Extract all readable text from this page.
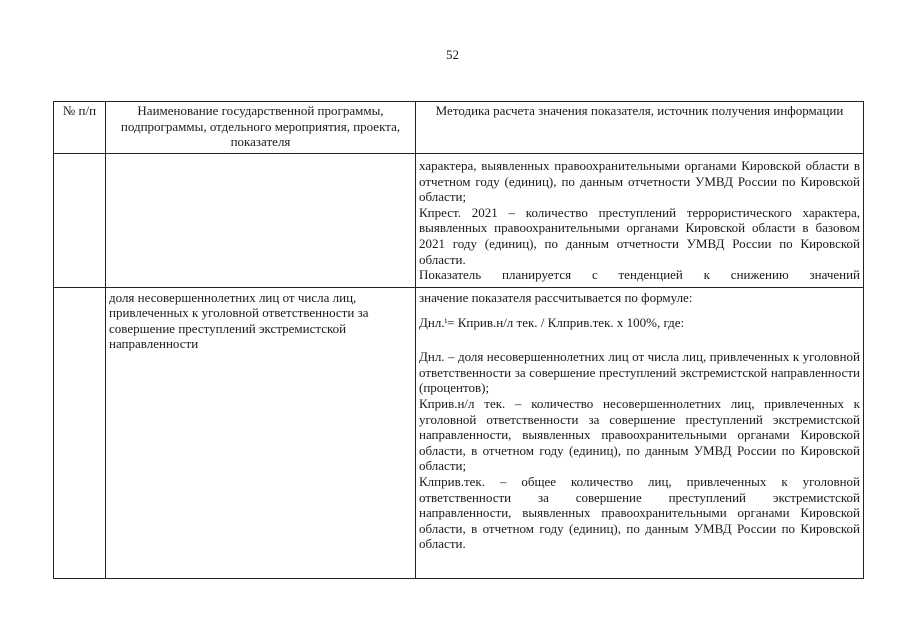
52
№ п/п	Наименование государственной программы, подпрограммы, отдельного мероприятия, проекта, показателя	Методика расчета значения показателя, источник получения информации

		характера, выявленных правоохранительными органами Кировской области в отчетном году (единиц), по данным отчетности УМВД России по Кировской области;

Кпрест. 2021 – количество преступлений террористического характера, выявленных правоохранительными органами Кировской области в базовом 2021 году (единиц), по данным отчетности УМВД России по Кировской области.

Показатель планируется с тенденцией к снижению значений

	доля несовершеннолетних лиц от числа лиц, привлеченных к уголовной ответственности за совершение преступлений экстремистской направленности	значение показателя рассчитывается по формуле:

Днл.ⁱ= Кприв.н/л тек. / Клприв.тек. х 100%, где:

Днл. – доля несовершеннолетних лиц от числа лиц, привлеченных к уголовной ответственности за совершение преступлений экстремистской направленности (процентов);

Кприв.н/л тек. – количество несовершеннолетних лиц, привлеченных к уголовной ответственности за совершение преступлений экстремистской направленности, выявленных правоохранительными органами Кировской области, в отчетном году (единиц), по данным УМВД России по Кировской области;

Клприв.тек. – общее количество лиц, привлеченных к уголовной ответственности за совершение преступлений экстремистской направленности, выявленных правоохранительными органами Кировской области, в отчетном году (единиц), по данным УМВД России по Кировской области.
